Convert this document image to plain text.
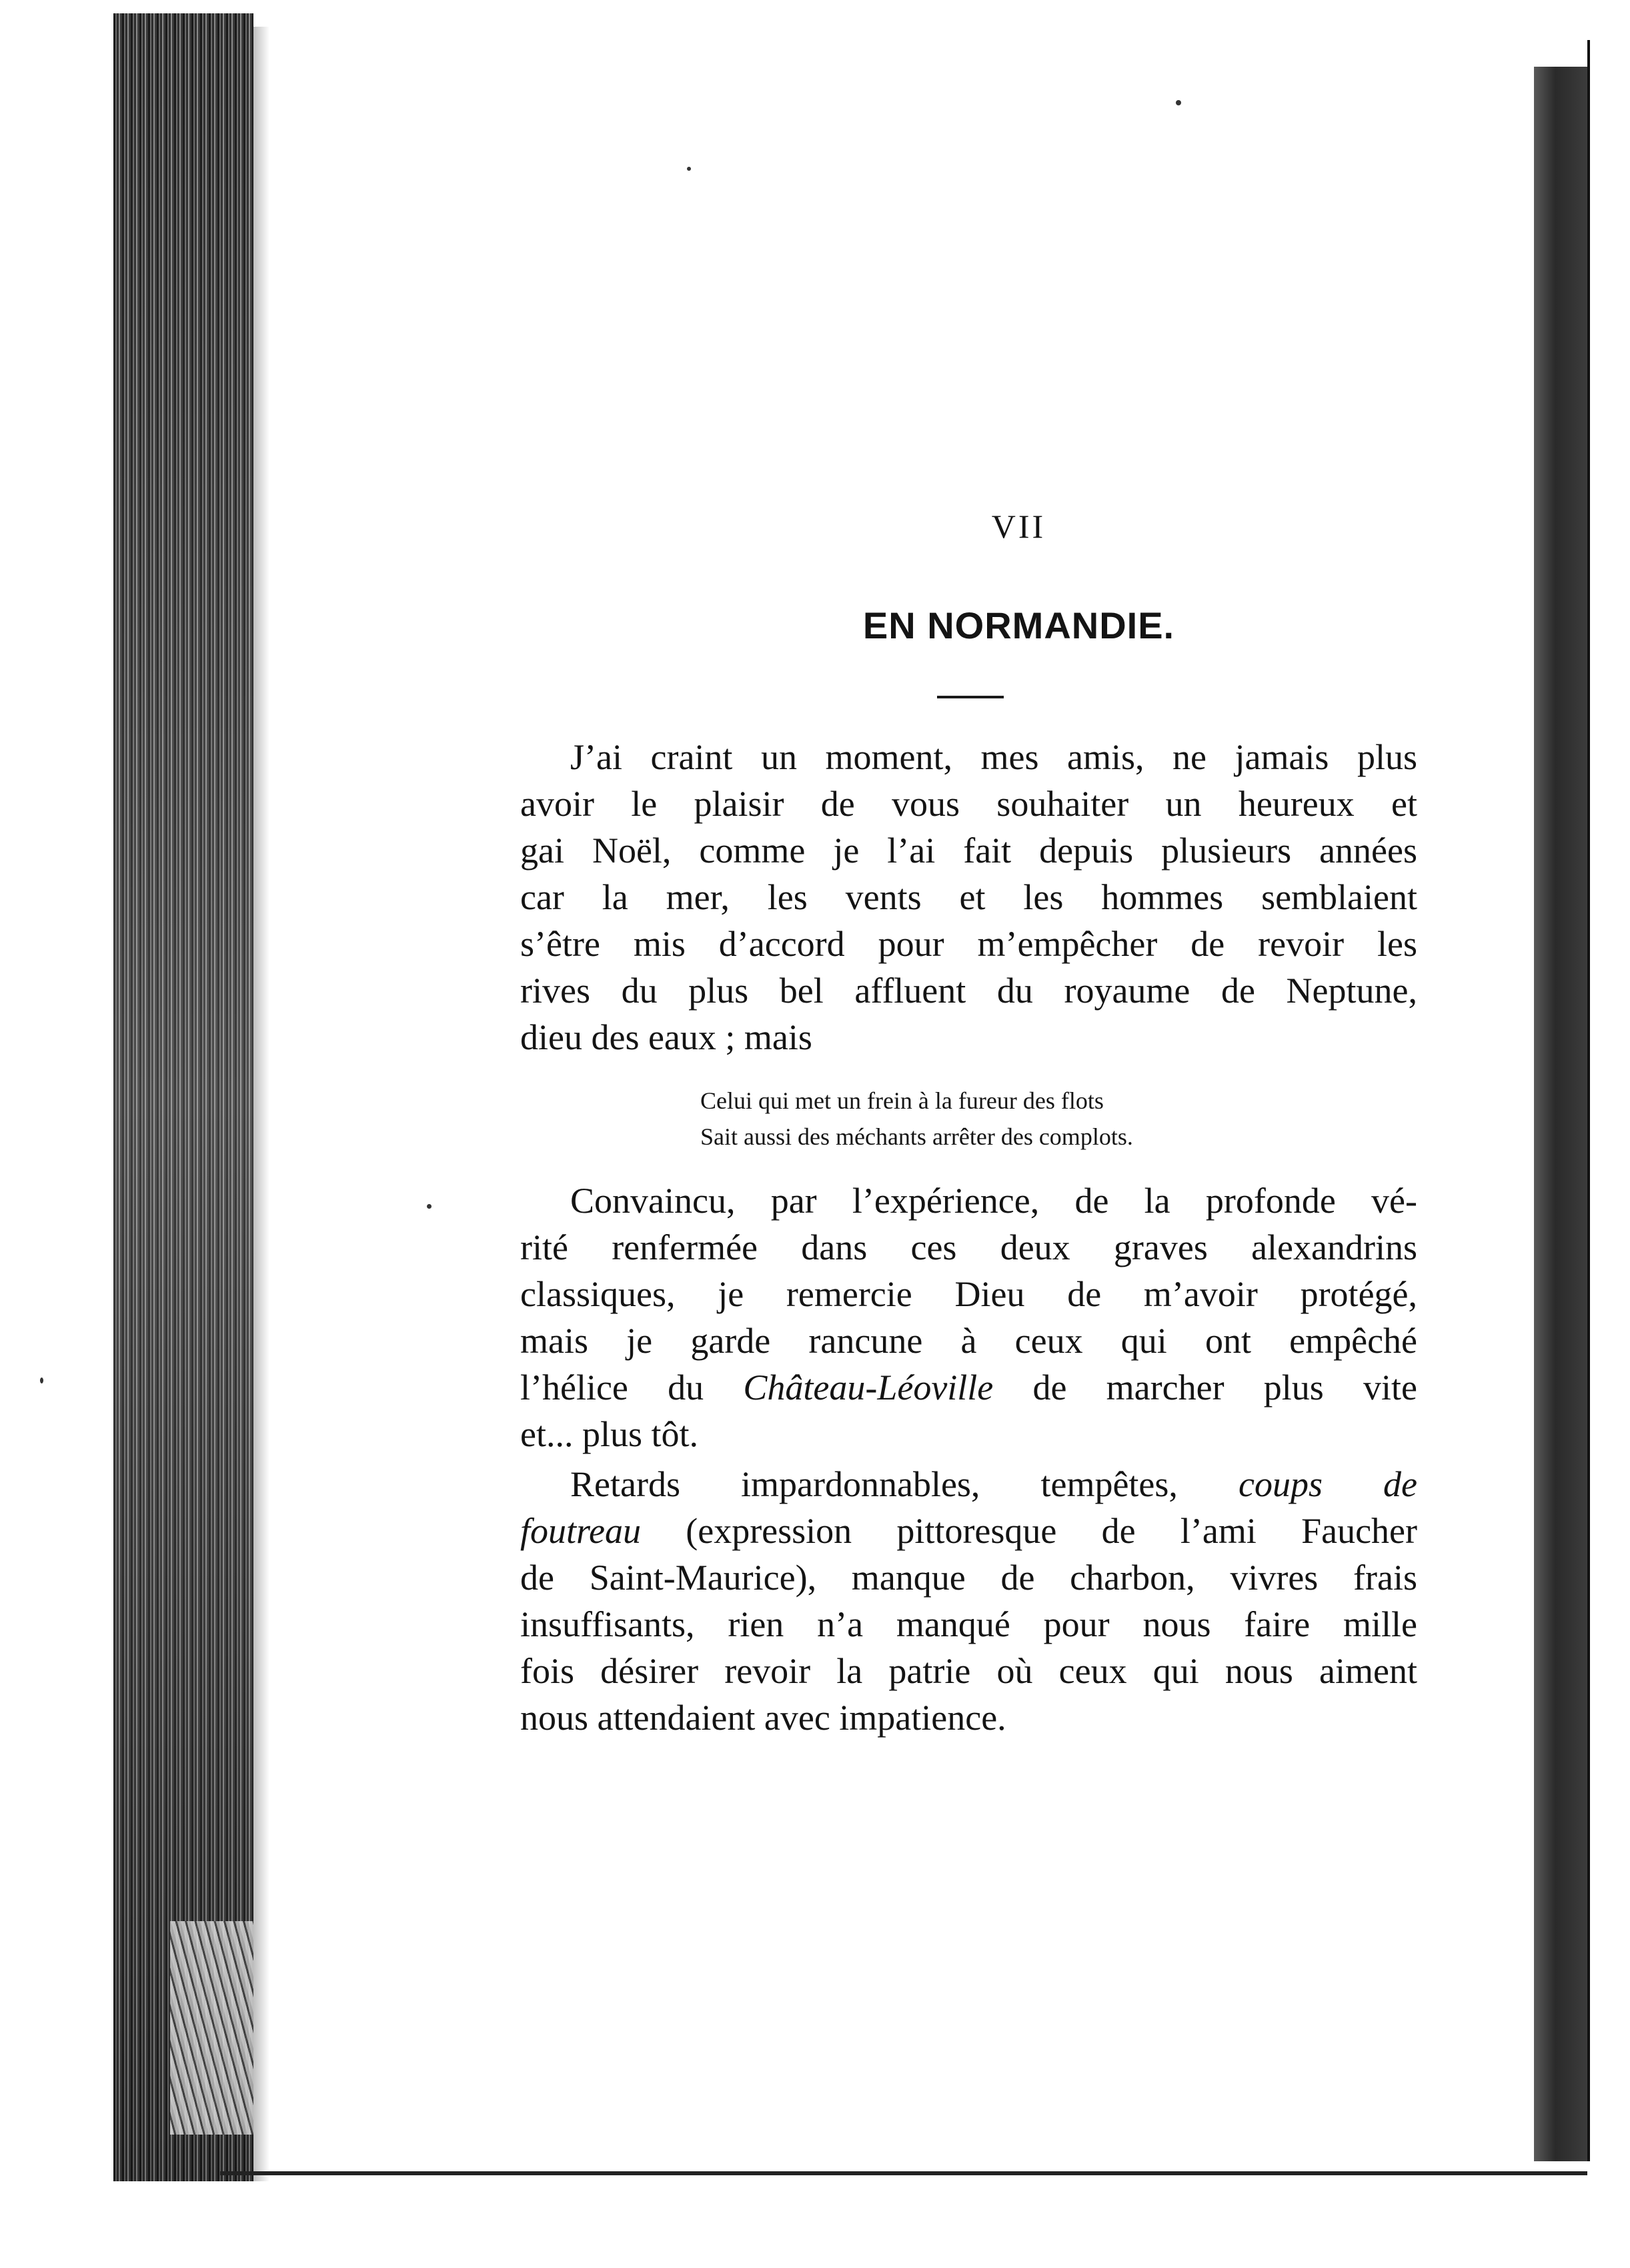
VII
EN NORMANDIE.
J’ai craint un moment, mes amis, ne jamais plus
avoir le plaisir de vous souhaiter un heureux et
gai Noël, comme je l’ai fait depuis plusieurs années
car la mer, les vents et les hommes semblaient
s’être mis d’accord pour m’empêcher de revoir les
rives du plus bel affluent du royaume de Neptune,
dieu des eaux ; mais
Celui qui met un frein à la fureur des flots
Sait aussi des méchants arrêter des complots.
Convaincu, par l’expérience, de la profonde vé-
rité renfermée dans ces deux graves alexandrins
classiques, je remercie Dieu de m’avoir protégé,
mais je garde rancune à ceux qui ont empêché
l’hélice du Château-Léoville de marcher plus vite
et... plus tôt.
Retards impardonnables, tempêtes, coups de
foutreau (expression pittoresque de l’ami Faucher
de Saint-Maurice), manque de charbon, vivres frais
insuffisants, rien n’a manqué pour nous faire mille
fois désirer revoir la patrie où ceux qui nous aiment
nous attendaient avec impatience.
